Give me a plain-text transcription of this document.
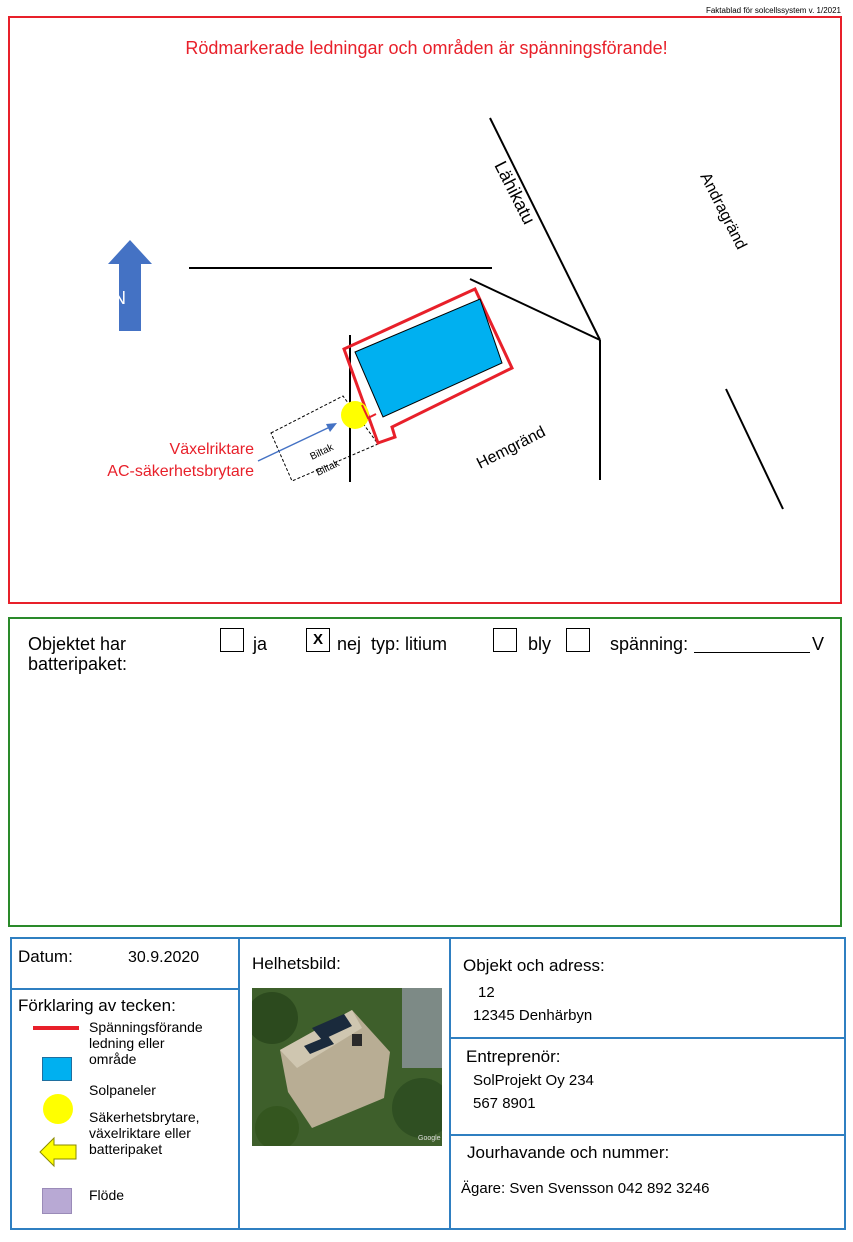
Faktablad för solcellssystem v. 1/2021
Rödmarkerade ledningar och områden är spänningsförande!
N
Biltak
Biltak
Växelriktare
AC-säkerhetsbrytare
Lähikatu	Andragränd
Hemgränd
Objektet har
batteripaket:
ja	X nej typ: litium	bly	spänning:	V
Datum:	30.9.2020
Förklaring av tecken:
Spänningsförande
ledning eller
område
Solpaneler
Säkerhetsbrytare,
växelriktare eller
batteripaket
Flöde
Helhetsbild:
Google
Objekt och adress:
12
12345 Denhärbyn
Entreprenör:
SolProjekt Oy 234
567 8901
Jourhavande och nummer:
Ägare: Sven Svensson 042 892 3246
